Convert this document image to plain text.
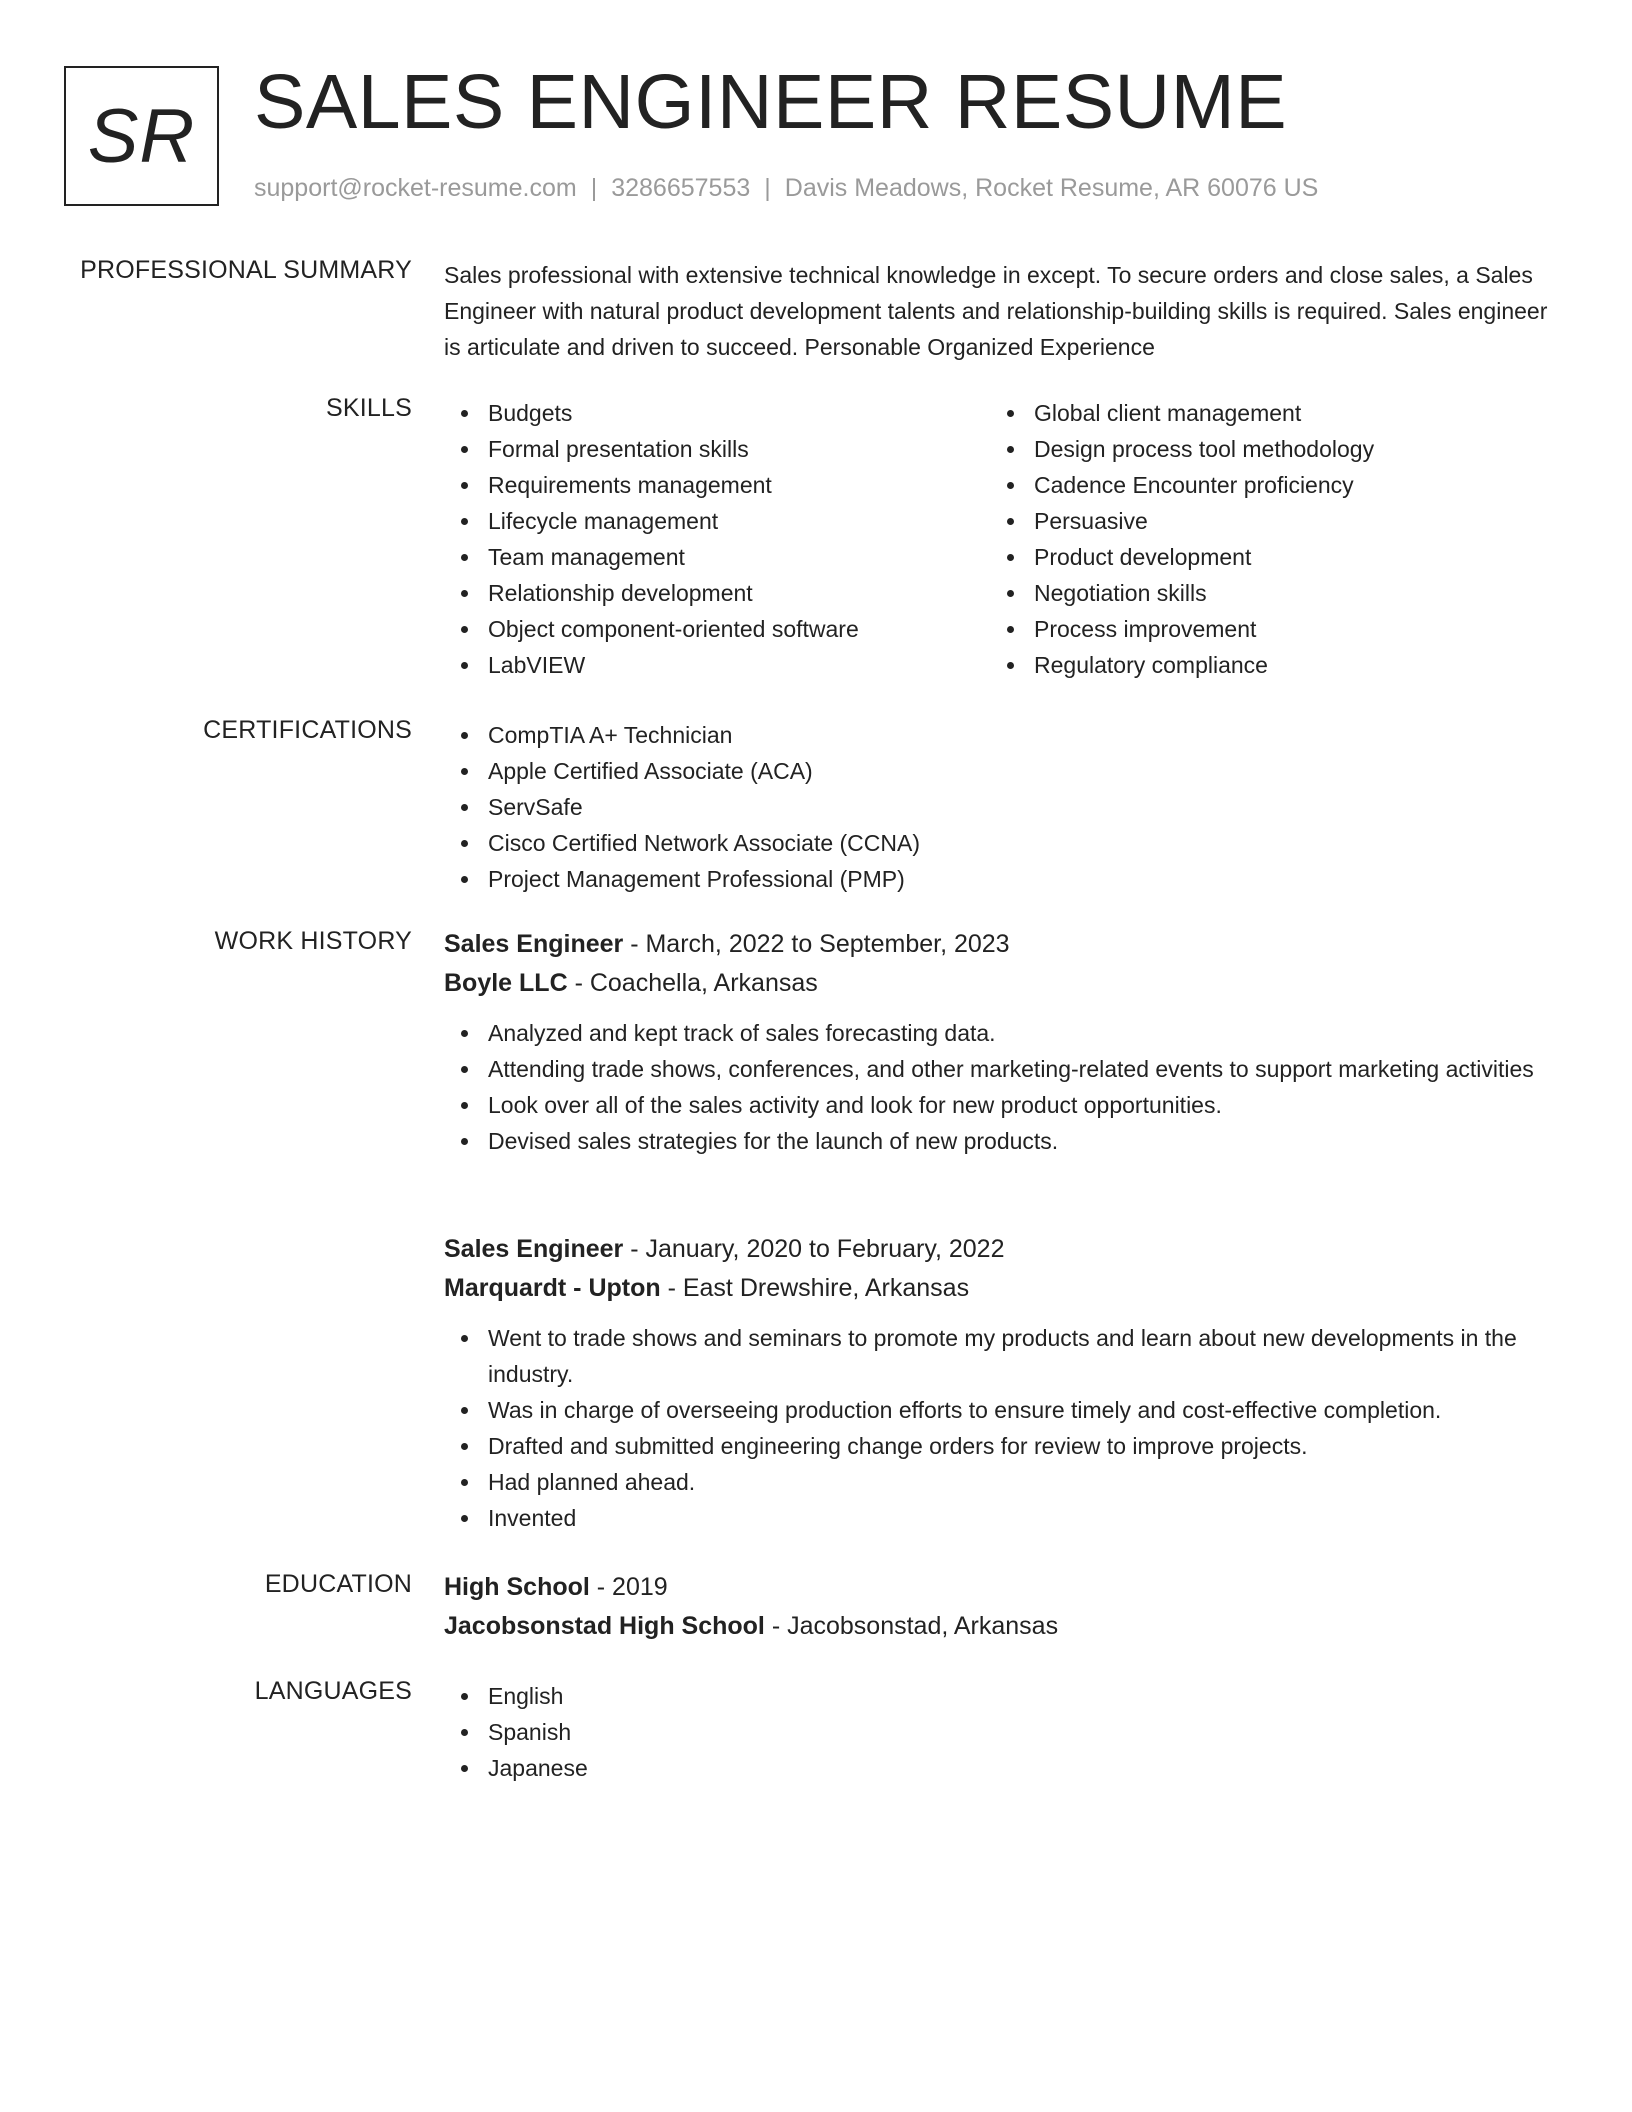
SR SALES ENGINEER RESUME
support@rocket-resume.com | 3286657553 | Davis Meadows, Rocket Resume, AR 60076 US
PROFESSIONAL SUMMARY Sales professional with extensive technical knowledge in except. To secure orders and close sales, a Sales Engineer with natural product development talents and relationship-building skills is required. Sales engineer is articulate and driven to succeed. Personable Organized Experience
SKILLS	Budgets
Formal presentation skills
Requirements management
Lifecycle management
Team management
Relationship development
Object component-oriented software
LabVIEW
Global client management
Design process tool methodology
Cadence Encounter proficiency
Persuasive
Product development
Negotiation skills
Process improvement
Regulatory compliance
CERTIFICATIONS	CompTIA A+ Technician
Apple Certified Associate (ACA)
ServSafe
Cisco Certified Network Associate (CCNA)
Project Management Professional (PMP)
WORK HISTORY Sales Engineer - March, 2022 to September, 2023
Boyle LLC - Coachella, Arkansas
Analyzed and kept track of sales forecasting data.
Attending trade shows, conferences, and other marketing-related events to support marketing activities
Look over all of the sales activity and look for new product opportunities.
Devised sales strategies for the launch of new products.
Sales Engineer - January, 2020 to February, 2022
Marquardt - Upton - East Drewshire, Arkansas
Went to trade shows and seminars to promote my products and learn about new developments in the industry.
Was in charge of overseeing production efforts to ensure timely and cost-effective completion.
Drafted and submitted engineering change orders for review to improve projects.
Had planned ahead.
Invented
EDUCATION High School - 2019
Jacobsonstad High School - Jacobsonstad, Arkansas
LANGUAGES	English
Spanish
Japanese
